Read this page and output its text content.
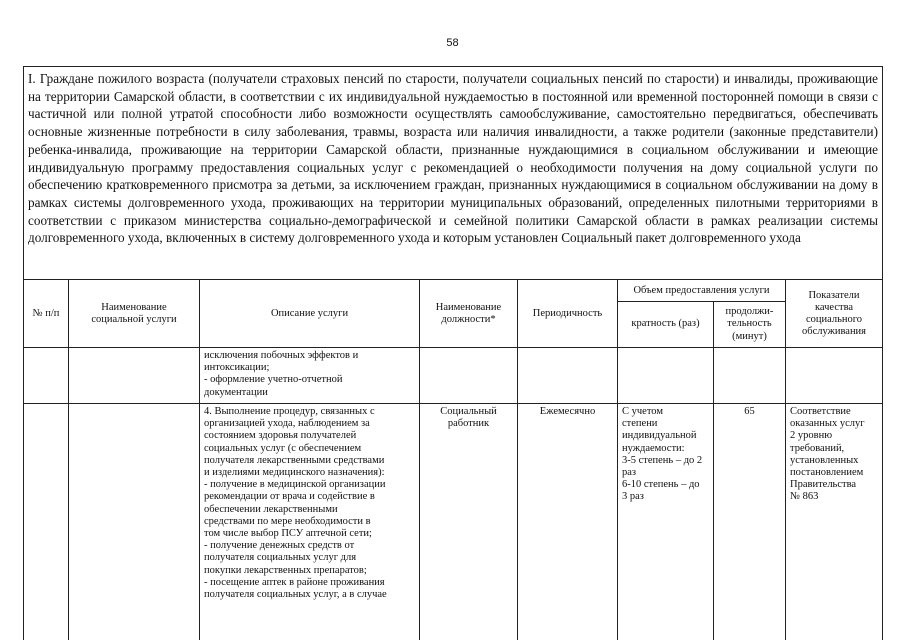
58

I. Граждане пожилого возраста (получатели страховых пенсий по старости, получатели социальных пенсий по старости) и инвалиды, проживающие на территории Самарской области, в соответствии с их индивидуальной нуждаемостью в постоянной или временной посторонней помощи в связи с частичной или полной утратой способности либо возможности осуществлять самообслуживание, самостоятельно передвигаться, обеспечивать основные жизненные потребности в силу заболевания, травмы, возраста или наличия инвалидности, а также родители (законные представители) ребенка-инвалида, проживающие на территории Самарской области, признанные нуждающимися в социальном обслуживании и имеющие индивидуальную программу предоставления социальных услуг с рекомендацией о необходимости получения на дому социальной услуги по обеспечению кратковременного присмотра за детьми, за исключением граждан, признанных нуждающимися в социальном обслуживании на дому в рамках системы долговременного ухода, проживающих на территории муниципальных образований, определенных пилотными территориями в соответствии с приказом министерства социально-демографической и семейной политики Самарской области в рамках реализации системы долговременного ухода, включенных в систему долговременного ухода и которым установлен Социальный пакет долговременного ухода

№ п/п
Наименование социальной услуги
Описание услуги
Наименование должности*
Периодичность
Объем предоставления услуги
кратность (раз)
продолжи-тельность (минут)
Показатели качества социального обслуживания
исключения побочных эффектов и
интоксикации;
- оформление учетно-отчетной
документации
4. Выполнение процедур, связанных с
организацией ухода, наблюдением за
состоянием здоровья получателей
социальных услуг (с обеспечением
получателя лекарственными средствами
и изделиями медицинского назначения):
- получение в медицинской организации
рекомендации от врача и содействие в
обеспечении лекарственными
средствами по мере необходимости в
том числе выбор ПСУ аптечной сети;
- получение денежных средств от
получателя социальных услуг для
покупки лекарственных препаратов;
- посещение аптек в районе проживания
получателя социальных услуг, а в случае
Социальный работник
Ежемесячно	С учетом
степени
индивидуальной
нуждаемости:
3-5 степень – до 2
раз
6-10 степень – до
3 раз
65	Соответствие
оказанных услуг
2 уровню
требований,
установленных
постановлением
Правительства
№ 863
